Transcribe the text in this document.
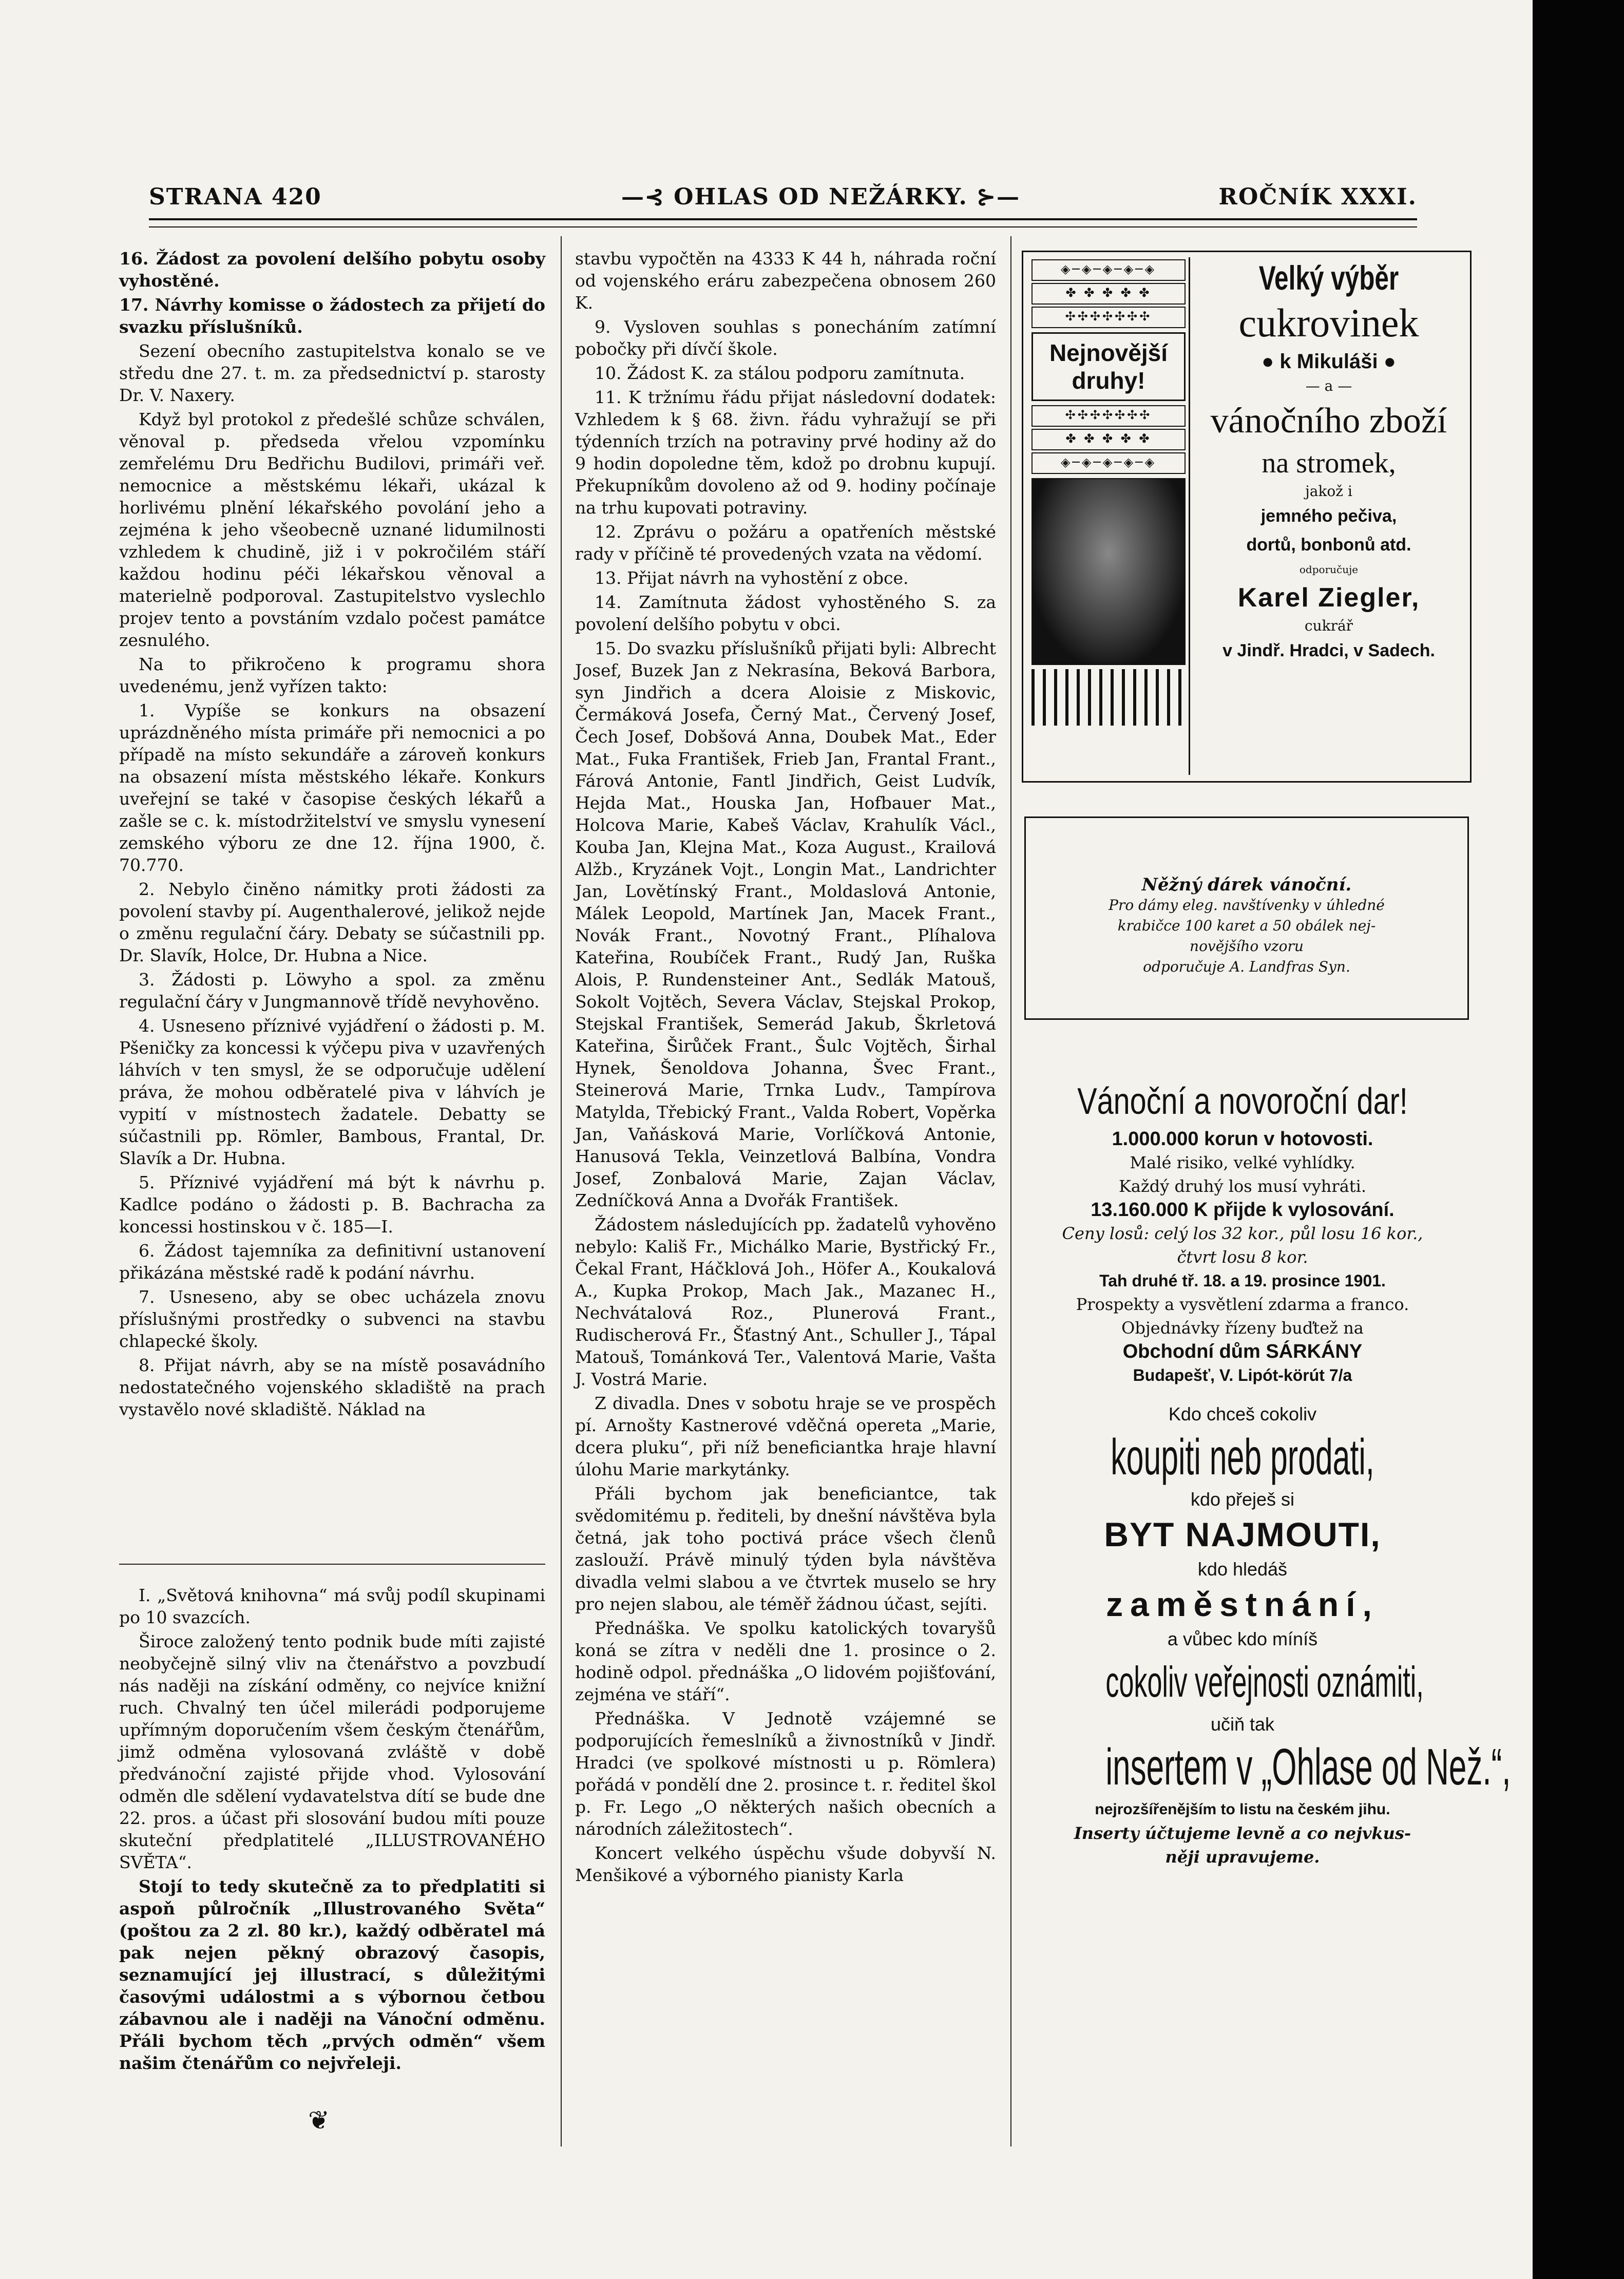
STRANA 420	—⊰ OHLAS OD NEŽÁRKY. ⊱—	ROČNÍK XXXI.

16. Žádost za povolení delšího pobytu osoby vyhostěné.

17. Návrhy komisse o žádostech za přijetí do svazku příslušníků.

Sezení obecního zastupitelstva konalo se ve středu dne 27. t. m. za předsednictví p. starosty Dr. V. Naxery.

Když byl protokol z předešlé schůze schválen, věnoval p. předseda vřelou vzpomínku zemřelému Dru Bedřichu Budilovi, primáři veř. nemocnice a městskému lékaři, ukázal k horlivému plnění lékařského povolání jeho a zejména k jeho všeobecně uznané lidumilnosti vzhledem k chudině, již i v pokročilém stáří každou hodinu péči lékařskou věnoval a materielně podporoval. Zastupitelstvo vyslechlo projev tento a povstáním vzdalo počest památce zesnulého.

Na to přikročeno k programu shora uvedenému, jenž vyřízen takto:

1. Vypíše se konkurs na obsazení uprázdněného místa primáře při nemocnici a po případě na místo sekundáře a zároveň konkurs na obsazení místa městského lékaře. Konkurs uveřejní se také v časopise českých lékařů a zašle se c. k. místodržitelství ve smyslu vynesení zemského výboru ze dne 12. října 1900, č. 70.770.

2. Nebylo činěno námitky proti žádosti za povolení stavby pí. Augenthalerové, jelikož nejde o změnu regulační čáry. Debaty se súčastnili pp. Dr. Slavík, Holce, Dr. Hubna a Nice.

3. Žádosti p. Löwyho a spol. za změnu regulační čáry v Jungmannově třídě nevyhověno.

4. Usneseno příznivé vyjádření o žádosti p. M. Pšeničky za koncessi k výčepu piva v uzavřených láhvích v ten smysl, že se odporučuje udělení práva, že mohou odběratelé piva v láhvích je vypití v místnostech žadatele. Debatty se súčastnili pp. Römler, Bambous, Frantal, Dr. Slavík a Dr. Hubna.

5. Příznivé vyjádření má být k návrhu p. Kadlce podáno o žádosti p. B. Bachracha za koncessi hostinskou v č. 185—I.

6. Žádost tajemníka za definitivní ustanovení přikázána městské radě k podání návrhu.

7. Usneseno, aby se obec ucházela znovu příslušnými prostředky o subvenci na stavbu chlapecké školy.

8. Přijat návrh, aby se na místě posavádního nedostatečného vojenského skladiště na prach vystavělo nové skladiště. Náklad na

I. „Světová knihovna“ má svůj podíl skupinami po 10 svazcích.

Široce založený tento podnik bude míti zajisté neobyčejně silný vliv na čtenářstvo a povzbudí nás naději na získání odměny, co nejvíce knižní ruch. Chvalný ten účel milerádi podporujeme upřímným doporučením všem českým čtenářům, jimž odměna vylosovaná zvláště v době předvánoční zajisté přijde vhod. Vylosování odměn dle sdělení vydavatelstva dítí se bude dne 22. pros. a účast při slosování budou míti pouze skuteční předplatitelé „ILLUSTROVANÉHO SVĚTA“.

Stojí to tedy skutečně za to předplatiti si aspoň půlročník „Illustrovaného Světa“ (poštou za 2 zl. 80 kr.), každý odběratel má pak nejen pěkný obrazový časopis, seznamující jej illustrací, s důležitými časovými událostmi a s výbornou četbou zábavnou ale i naději na Vánoční odměnu. Přáli bychom těch „prvých odměn“ všem našim čtenářům co nejvřeleji.

❦

stavbu vypočtěn na 4333 K 44 h, náhrada roční od vojenského eráru zabezpečena obnosem 260 K.

9. Vysloven souhlas s ponecháním zatímní pobočky při dívčí škole.

10. Žádost K. za stálou podporu zamítnuta.

11. K tržnímu řádu přijat následovní dodatek: Vzhledem k § 68. živn. řádu vyhražují se při týdenních trzích na potraviny prvé hodiny až do 9 hodin dopoledne těm, kdož po drobnu kupují. Překupníkům dovoleno až od 9. hodiny počínaje na trhu kupovati potraviny.

12. Zprávu o požáru a opatřeních městské rady v příčině té provedených vzata na vědomí.

13. Přijat návrh na vyhostění z obce.

14. Zamítnuta žádost vyhostěného S. za povolení delšího pobytu v obci.

15. Do svazku příslušníků přijati byli: Albrecht Josef, Buzek Jan z Nekrasína, Beková Barbora, syn Jindřich a dcera Aloisie z Miskovic, Čermáková Josefa, Černý Mat., Červený Josef, Čech Josef, Dobšová Anna, Doubek Mat., Eder Mat., Fuka František, Frieb Jan, Frantal Frant., Fárová Antonie, Fantl Jindřich, Geist Ludvík, Hejda Mat., Houska Jan, Hofbauer Mat., Holcova Marie, Kabeš Václav, Krahulík Václ., Kouba Jan, Klejna Mat., Koza August., Krailová Alžb., Kryzánek Vojt., Longin Mat., Landrichter Jan, Lovětínský Frant., Moldaslová Antonie, Málek Leopold, Martínek Jan, Macek Frant., Novák Frant., Novotný Frant., Plíhalova Kateřina, Roubíček Frant., Rudý Jan, Ruška Alois, P. Rundensteiner Ant., Sedlák Matouš, Sokolt Vojtěch, Severa Václav, Stejskal Prokop, Stejskal František, Semerád Jakub, Škrletová Kateřina, Širůček Frant., Šulc Vojtěch, Širhal Hynek, Šenoldova Johanna, Švec Frant., Steinerová Marie, Trnka Ludv., Tampírova Matylda, Třebický Frant., Valda Robert, Vopěrka Jan, Vaňásková Marie, Vorlíčková Antonie, Hanusová Tekla, Veinzetlová Balbína, Vondra Josef, Zonbalová Marie, Zajan Václav, Zedníčková Anna a Dvořák František.

Žádostem následujících pp. žadatelů vyhověno nebylo: Kališ Fr., Michálko Marie, Bystřický Fr., Čekal Frant, Háčklová Joh., Höfer A., Koukalová A., Kupka Prokop, Mach Jak., Mazanec H., Nechvátalová Roz., Plunerová Frant., Rudischerová Fr., Šťastný Ant., Schuller J., Tápal Matouš, Tománková Ter., Valentová Marie, Vašta J. Vostrá Marie.

Z divadla. Dnes v sobotu hraje se ve prospěch pí. Arnošty Kastnerové vděčná opereta „Marie, dcera pluku“, při níž beneficiantka hraje hlavní úlohu Marie markytánky.

Přáli bychom jak beneficiantce, tak svědomitému p. řediteli, by dnešní návštěva byla četná, jak toho poctivá práce všech členů zaslouží. Právě minulý týden byla návštěva divadla velmi slabou a ve čtvrtek muselo se hry pro nejen slabou, ale téměř žádnou účast, sejíti.

Přednáška. Ve spolku katolických tovaryšů koná se zítra v neděli dne 1. prosince o 2. hodině odpol. přednáška „O lidovém pojišťování, zejména ve stáří“.

Přednáška. V Jednotě vzájemné se podporujících řemeslníků a živnostníků v Jindř. Hradci (ve spolkové místnosti u p. Römlera) pořádá v pondělí dne 2. prosince t. r. ředitel škol p. Fr. Lego „O některých našich obecních a národních záležitostech“.

Koncert velkého úspěchu všude dobyvší N. Menšikové a výborného pianisty Karla

◈─◈─◈─◈─◈
✤ ✤ ✤ ✤ ✤
✣✣✣✣✣✣✣
Nejnovější druhy!
✣✣✣✣✣✣✣
✤ ✤ ✤ ✤ ✤
◈─◈─◈─◈─◈
Velký výběr
cukrovinek
● k Mikuláši ●
— a —
vánočního zboží
na stromek,
jakož i
jemného pečiva,
dortů, bonbonů atd.
odporučuje
Karel Ziegler,
cukrář
v Jindř. Hradci, v Sadech.
Něžný dárek vánoční.
Pro dámy eleg. navštívenky v úhledné
krabičce 100 karet a 50 obálek nej-
novějšího vzoru
odporučuje A. Landfras Syn.
Vánoční a novoroční dar!
1.000.000 korun v hotovosti.
Malé risiko, velké vyhlídky.
Každý druhý los musí vyhráti.
13.160.000 K přijde k vylosování.
Ceny losů: celý los 32 kor., půl losu 16 kor.,
čtvrt losu 8 kor.
Tah druhé tř. 18. a 19. prosince 1901.
Prospekty a vysvětlení zdarma a franco.
Objednávky řízeny buďtež na
Obchodní dům SÁRKÁNY
Budapešť, V. Lipót-körút 7/a
Kdo chceš cokoliv
koupiti neb prodati,
kdo přeješ si
BYT NAJMOUTI,
kdo hledáš
zaměstnání,
a vůbec kdo míníš
cokoliv veřejnosti oznámiti,
učiň tak
insertem v „Ohlase od Než.“,
nejrozšířenějším to listu na českém jihu.
Inserty účtujeme levně a co nejvkus-
něji upravujeme.
